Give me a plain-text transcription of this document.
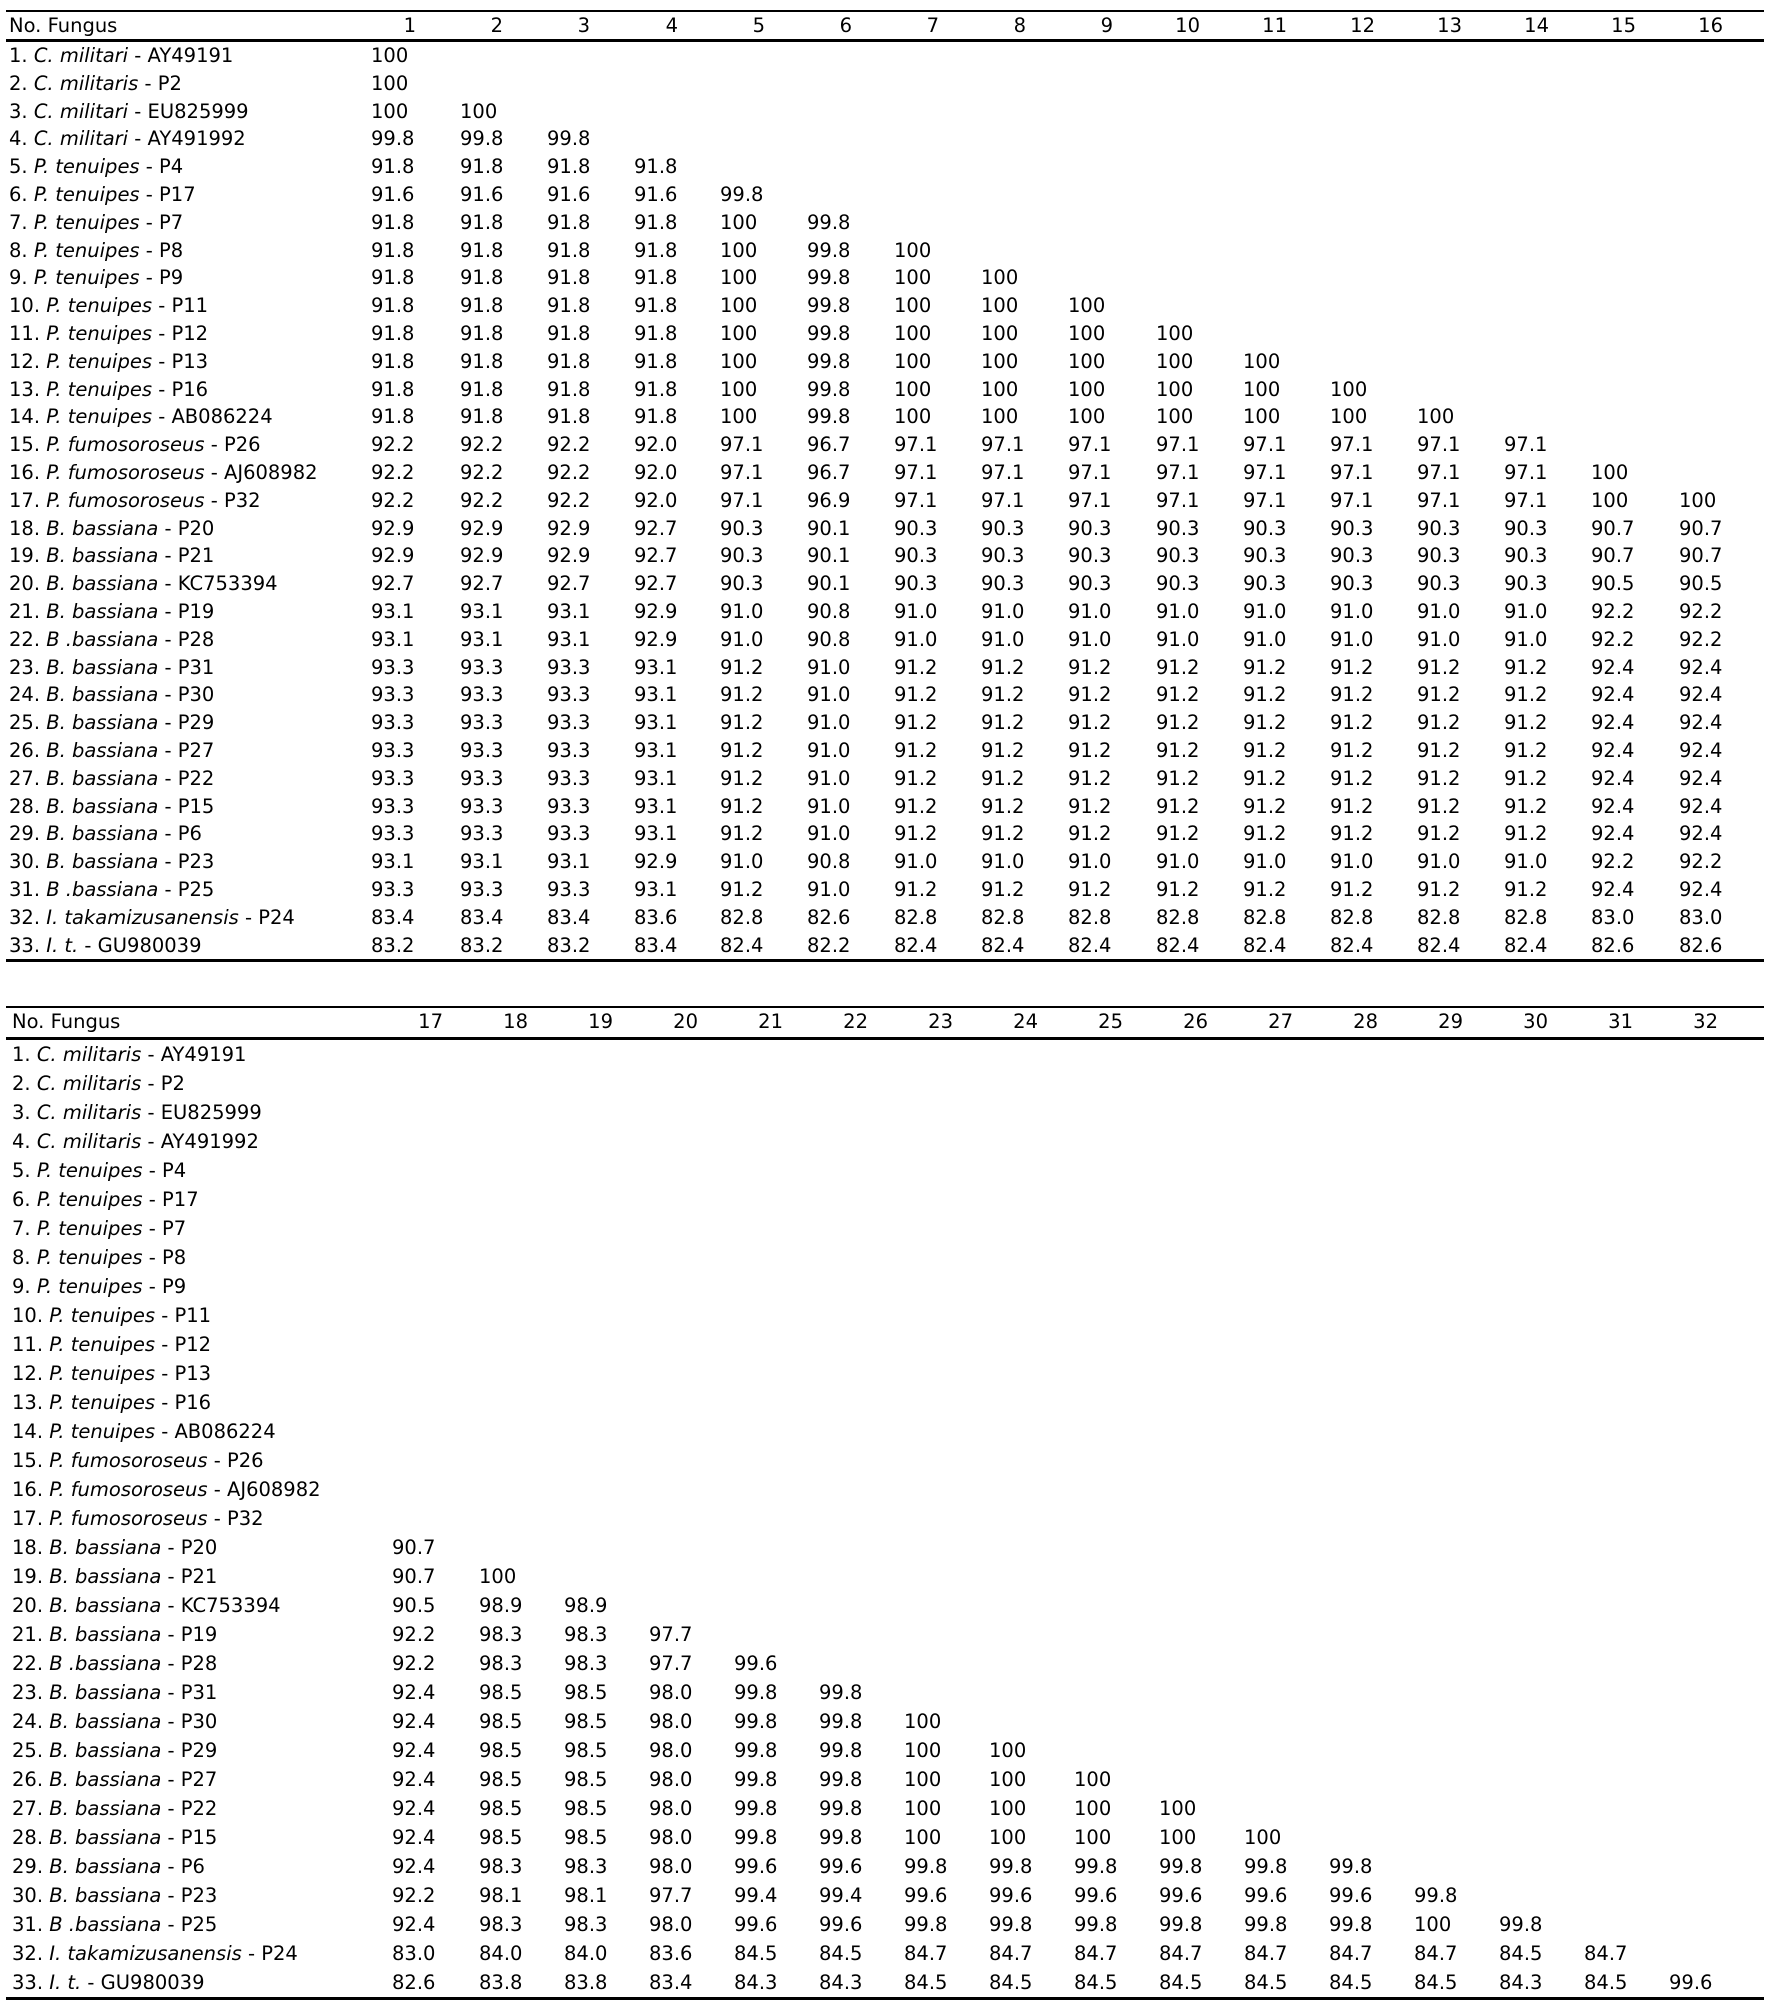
No. Fungus	1	2	3	4	5	6	7	8	9	10	11	12	13	14	15	16
1. C. militari - AY49191	100
2. C. militaris - P2	100
3. C. militari - EU825999	100	100
4. C. militari - AY491992	99.8 99.8 99.8
5. P. tenuipes - P4	91.8 91.8 91.8 91.8
6. P. tenuipes - P17	91.6 91.6 91.6 91.6 99.8
7. P. tenuipes - P7	91.8 91.8 91.8 91.8 100	99.8
8. P. tenuipes - P8	91.8 91.8 91.8 91.8 100	99.8 100
9. P. tenuipes - P9	91.8 91.8 91.8 91.8 100	99.8 100	100
10. P. tenuipes - P11	91.8 91.8 91.8 91.8 100	99.8 100	100	100
11. P. tenuipes - P12	91.8 91.8 91.8 91.8 100	99.8 100	100	100	100
12. P. tenuipes - P13	91.8 91.8 91.8 91.8 100	99.8 100	100	100	100	100
13. P. tenuipes - P16	91.8 91.8 91.8 91.8 100	99.8 100	100	100	100	100	100
14. P. tenuipes - AB086224	91.8 91.8 91.8 91.8 100	99.8 100	100	100	100	100	100	100
15. P. fumosoroseus - P26	92.2 92.2 92.2 92.0 97.1 96.7 97.1 97.1 97.1 97.1 97.1 97.1 97.1 97.1
16. P. fumosoroseus - AJ608982	92.2 92.2 92.2 92.0 97.1 96.7 97.1 97.1 97.1 97.1 97.1 97.1 97.1 97.1 100
17. P. fumosoroseus - P32	92.2 92.2 92.2 92.0 97.1 96.9 97.1 97.1 97.1 97.1 97.1 97.1 97.1 97.1 100	100
18. B. bassiana - P20	92.9 92.9 92.9 92.7 90.3 90.1 90.3 90.3 90.3 90.3 90.3 90.3 90.3 90.3 90.7 90.7
19. B. bassiana - P21	92.9 92.9 92.9 92.7 90.3 90.1 90.3 90.3 90.3 90.3 90.3 90.3 90.3 90.3 90.7 90.7
20. B. bassiana - KC753394	92.7 92.7 92.7 92.7 90.3 90.1 90.3 90.3 90.3 90.3 90.3 90.3 90.3 90.3 90.5 90.5
21. B. bassiana - P19	93.1 93.1 93.1 92.9 91.0 90.8 91.0 91.0 91.0 91.0 91.0 91.0 91.0 91.0 92.2 92.2
22. B .bassiana - P28	93.1 93.1 93.1 92.9 91.0 90.8 91.0 91.0 91.0 91.0 91.0 91.0 91.0 91.0 92.2 92.2
23. B. bassiana - P31	93.3 93.3 93.3 93.1 91.2 91.0 91.2 91.2 91.2 91.2 91.2 91.2 91.2 91.2 92.4 92.4
24. B. bassiana - P30	93.3 93.3 93.3 93.1 91.2 91.0 91.2 91.2 91.2 91.2 91.2 91.2 91.2 91.2 92.4 92.4
25. B. bassiana - P29	93.3 93.3 93.3 93.1 91.2 91.0 91.2 91.2 91.2 91.2 91.2 91.2 91.2 91.2 92.4 92.4
26. B. bassiana - P27	93.3 93.3 93.3 93.1 91.2 91.0 91.2 91.2 91.2 91.2 91.2 91.2 91.2 91.2 92.4 92.4
27. B. bassiana - P22	93.3 93.3 93.3 93.1 91.2 91.0 91.2 91.2 91.2 91.2 91.2 91.2 91.2 91.2 92.4 92.4
28. B. bassiana - P15	93.3 93.3 93.3 93.1 91.2 91.0 91.2 91.2 91.2 91.2 91.2 91.2 91.2 91.2 92.4 92.4
29. B. bassiana - P6	93.3 93.3 93.3 93.1 91.2 91.0 91.2 91.2 91.2 91.2 91.2 91.2 91.2 91.2 92.4 92.4
30. B. bassiana - P23	93.1 93.1 93.1 92.9 91.0 90.8 91.0 91.0 91.0 91.0 91.0 91.0 91.0 91.0 92.2 92.2
31. B .bassiana - P25	93.3 93.3 93.3 93.1 91.2 91.0 91.2 91.2 91.2 91.2 91.2 91.2 91.2 91.2 92.4 92.4
32. I. takamizusanensis - P24	83.4 83.4 83.4 83.6 82.8 82.6 82.8 82.8 82.8 82.8 82.8 82.8 82.8 82.8 83.0 83.0
33. I. t. - GU980039	83.2 83.2 83.2 83.4 82.4 82.2 82.4 82.4 82.4 82.4 82.4 82.4 82.4 82.4 82.6 82.6
No. Fungus	17	18	19	20	21	22	23	24	25	26	27	28	29	30	31	32
1. C. militaris - AY49191
2. C. militaris - P2
3. C. militaris - EU825999
4. C. militaris - AY491992
5. P. tenuipes - P4
6. P. tenuipes - P17
7. P. tenuipes - P7
8. P. tenuipes - P8
9. P. tenuipes - P9
10. P. tenuipes - P11
11. P. tenuipes - P12
12. P. tenuipes - P13
13. P. tenuipes - P16
14. P. tenuipes - AB086224
15. P. fumosoroseus - P26
16. P. fumosoroseus - AJ608982
17. P. fumosoroseus - P32
18. B. bassiana - P20	90.7
19. B. bassiana - P21	90.7 100
20. B. bassiana - KC753394	90.5 98.9 98.9
21. B. bassiana - P19	92.2 98.3 98.3 97.7
22. B .bassiana - P28	92.2 98.3 98.3 97.7 99.6
23. B. bassiana - P31	92.4 98.5 98.5 98.0 99.8 99.8
24. B. bassiana - P30	92.4 98.5 98.5 98.0 99.8 99.8 100
25. B. bassiana - P29	92.4 98.5 98.5 98.0 99.8 99.8 100 100
26. B. bassiana - P27	92.4 98.5 98.5 98.0 99.8 99.8 100 100 100
27. B. bassiana - P22	92.4 98.5 98.5 98.0 99.8 99.8 100 100 100 100
28. B. bassiana - P15	92.4 98.5 98.5 98.0 99.8 99.8 100 100 100 100 100
29. B. bassiana - P6	92.4 98.3 98.3 98.0 99.6 99.6 99.8 99.8 99.8 99.8 99.8 99.8
30. B. bassiana - P23	92.2 98.1 98.1 97.7 99.4 99.4 99.6 99.6 99.6 99.6 99.6 99.6 99.8
31. B .bassiana - P25	92.4 98.3 98.3 98.0 99.6 99.6 99.8 99.8 99.8 99.8 99.8 99.8 100 99.8
32. I. takamizusanensis - P24	83.0 84.0 84.0 83.6 84.5 84.5 84.7 84.7 84.7 84.7 84.7 84.7 84.7 84.5 84.7
33. I. t. - GU980039	82.6 83.8 83.8 83.4 84.3 84.3 84.5 84.5 84.5 84.5 84.5 84.5 84.5 84.3 84.5 99.6
